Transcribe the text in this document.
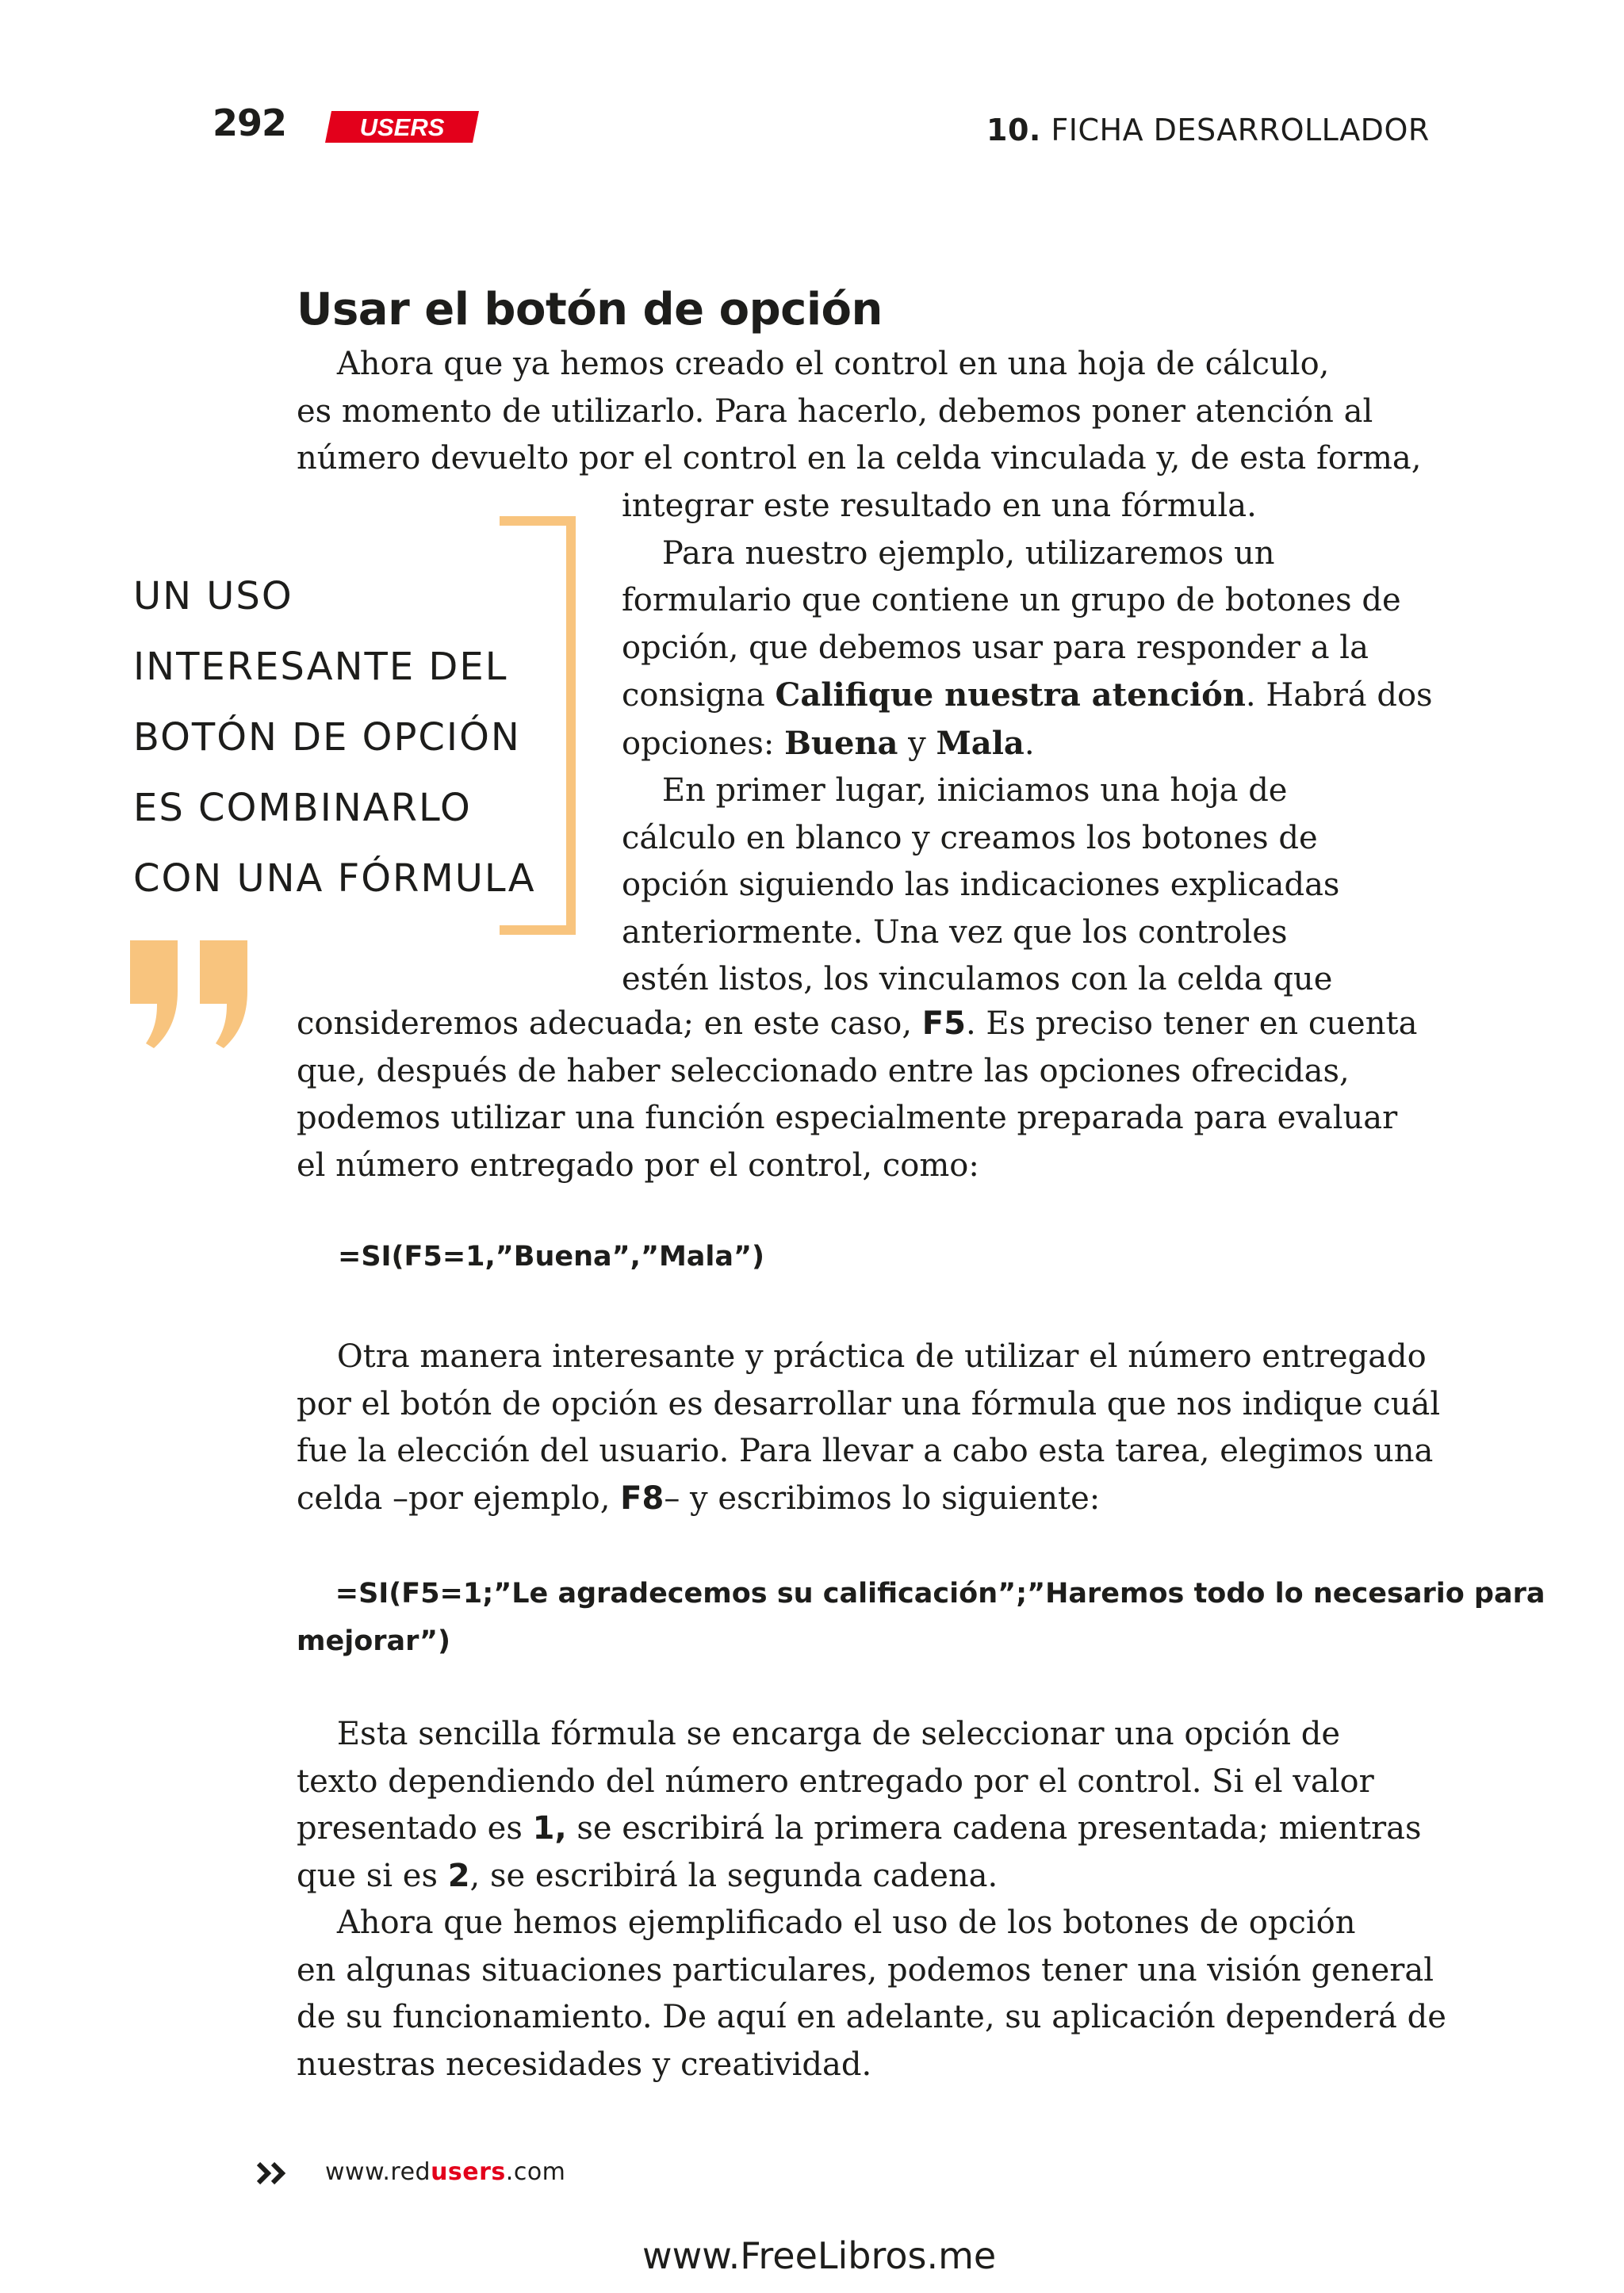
292	USERS	10. FICHA DESARROLLADOR
Usar el botón de opción
Ahora que ya hemos creado el control en una hoja de cálculo,
es momento de utilizarlo. Para hacerlo, debemos poner atención al
número devuelto por el control en la celda vinculada y, de esta forma,
integrar este resultado en una fórmula.
Para nuestro ejemplo, utilizaremos un
formulario que contiene un grupo de botones de
opción, que debemos usar para responder a la
consigna Califique nuestra atención. Habrá dos
opciones: Buena y Mala.
En primer lugar, iniciamos una hoja de
cálculo en blanco y creamos los botones de
opción siguiendo las indicaciones explicadas
anteriormente. Una vez que los controles
estén listos, los vinculamos con la celda que
UN USO
INTERESANTE DEL
BOTÓN DE OPCIÓN
ES COMBINARLO
CON UNA FÓRMULA
consideremos adecuada; en este caso, F5. Es preciso tener en cuenta
que, después de haber seleccionado entre las opciones ofrecidas,
podemos utilizar una función especialmente preparada para evaluar
el número entregado por el control, como:
=SI(F5=1,”Buena”,”Mala”)
Otra manera interesante y práctica de utilizar el número entregado
por el botón de opción es desarrollar una fórmula que nos indique cuál
fue la elección del usuario. Para llevar a cabo esta tarea, elegimos una
celda –por ejemplo, F8– y escribimos lo siguiente:
=SI(F5=1;”Le agradecemos su calificación”;”Haremos todo lo necesario para
mejorar”)
Esta sencilla fórmula se encarga de seleccionar una opción de
texto dependiendo del número entregado por el control. Si el valor
presentado es 1, se escribirá la primera cadena presentada; mientras
que si es 2, se escribirá la segunda cadena.
Ahora que hemos ejemplificado el uso de los botones de opción
en algunas situaciones particulares, podemos tener una visión general
de su funcionamiento. De aquí en adelante, su aplicación dependerá de
nuestras necesidades y creatividad.
www.redusers.com
www.FreeLibros.me
